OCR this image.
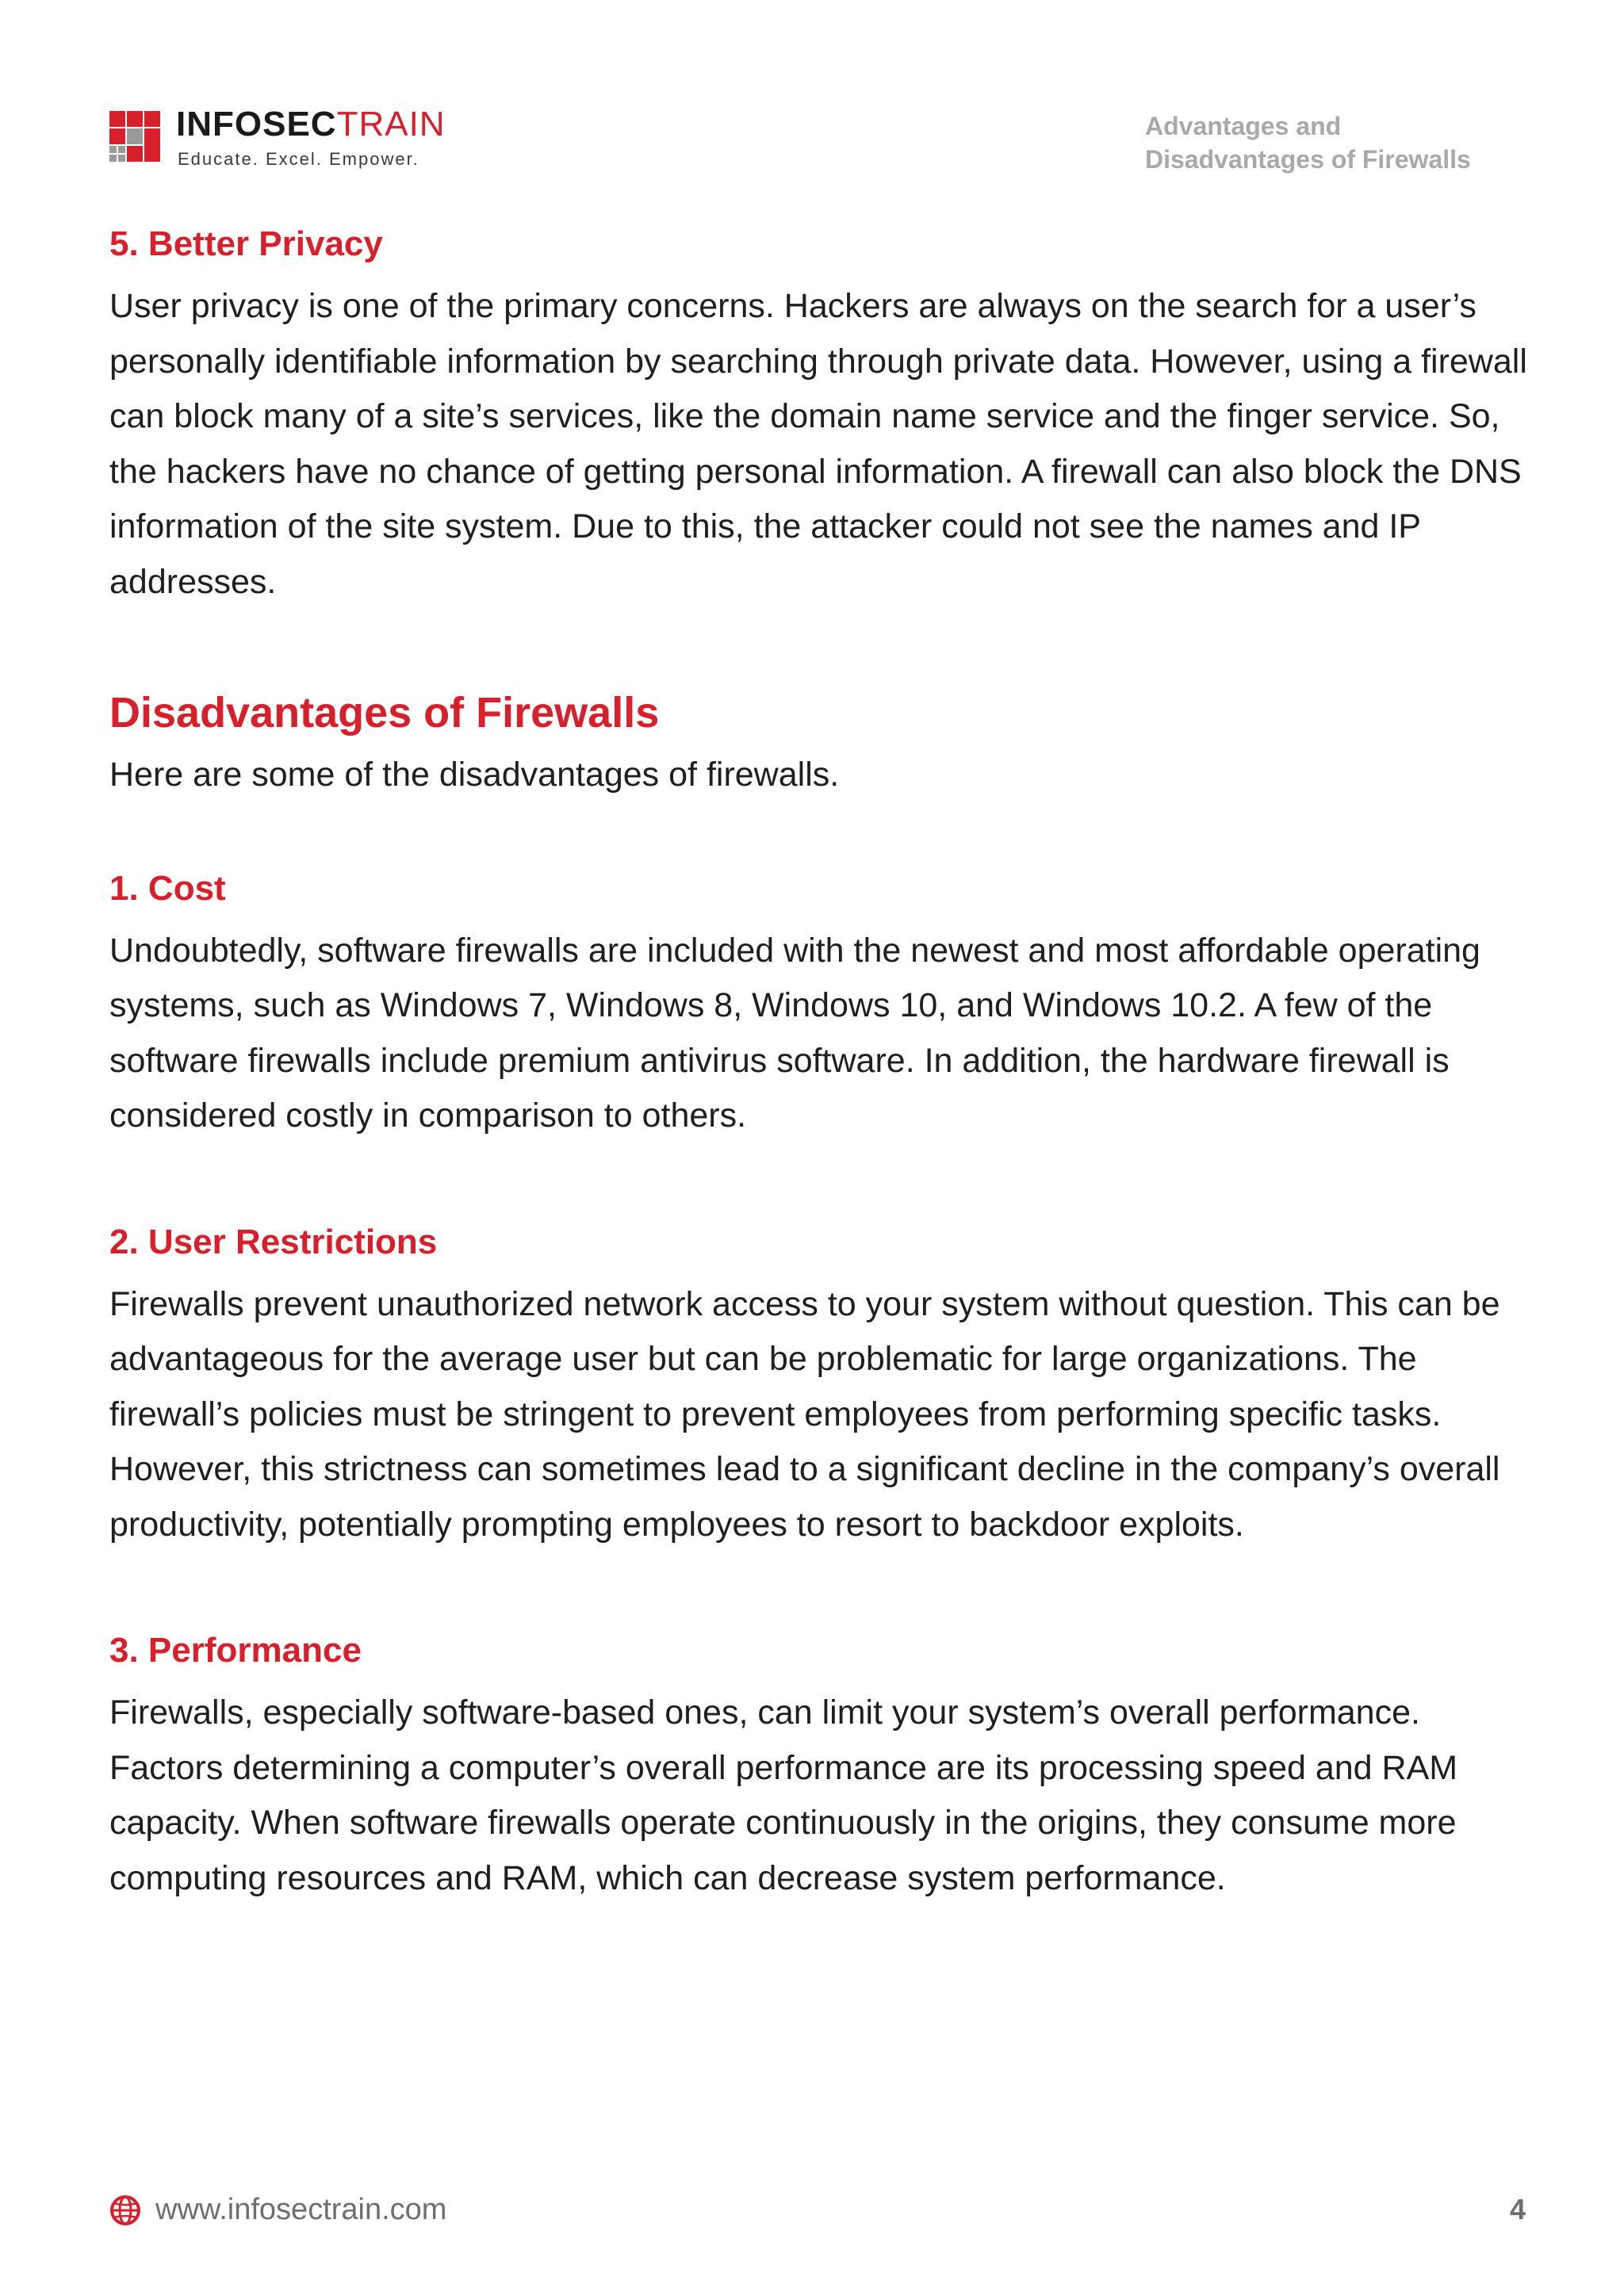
INFOSECTRAIN
Educate. Excel. Empower.
Advantages and
Disadvantages of Firewalls
5. Better Privacy

User privacy is one of the primary concerns. Hackers are always on the search for a user’s personally identifiable information by searching through private data. However, using a firewall can block many of a site’s services, like the domain name service and the finger service. So, the hackers have no chance of getting personal information. A firewall can also block the DNS information of the site system. Due to this, the attacker could not see the names and IP addresses.

Disadvantages of Firewalls

Here are some of the disadvantages of firewalls.

1. Cost

Undoubtedly, software firewalls are included with the newest and most affordable operating systems, such as Windows 7, Windows 8, Windows 10, and Windows 10.2. A few of the software firewalls include premium antivirus software. In addition, the hardware firewall is considered costly in comparison to others.

2. User Restrictions

Firewalls prevent unauthorized network access to your system without question. This can be advantageous for the average user but can be problematic for large organizations. The firewall’s policies must be stringent to prevent employees from performing specific tasks. However, this strictness can sometimes lead to a significant decline in the company’s overall productivity, potentially prompting employees to resort to backdoor exploits.

3. Performance

Firewalls, especially software-based ones, can limit your system’s overall performance. Factors determining a computer’s overall performance are its processing speed and RAM capacity. When software firewalls operate continuously in the origins, they consume more computing resources and RAM, which can decrease system performance.

www.infosectrain.com	4
